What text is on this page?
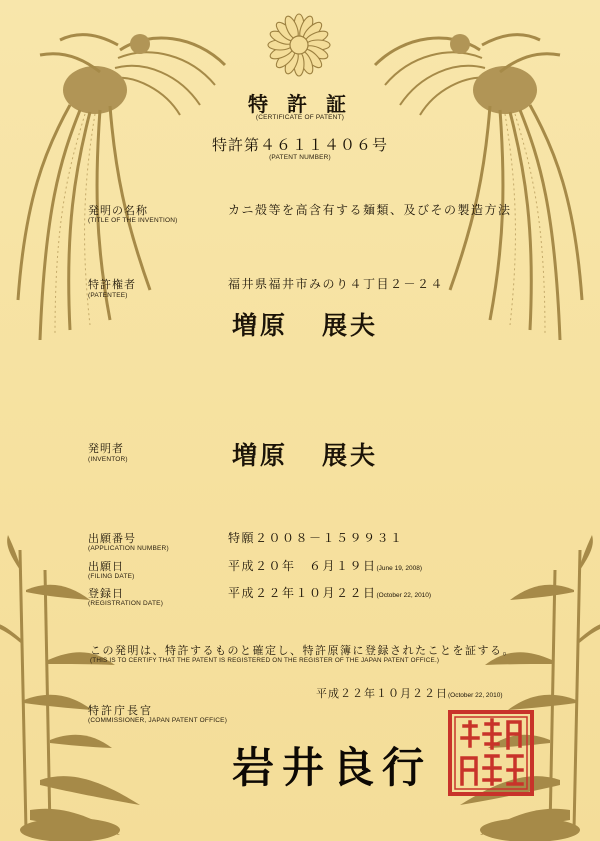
特 許 証
(CERTIFICATE OF PATENT)
特許第４６１１４０６号
(PATENT NUMBER)
発明の名称
(TITLE OF THE INVENTION)
カニ殻等を高含有する麺類、及びその製造方法
特許権者
(PATENTEE)
福井県福井市みのり４丁目２－２４
増原 展夫
発明者
(INVENTOR)	増原 展夫
出願番号
(APPLICATION NUMBER)
特願２００８－１５９９３１
出願日
(FILING DATE)
平成２０年　６月１９日(June 19, 2008)
登録日
(REGISTRATION DATE)
平成２２年１０月２２日(October 22, 2010)
この発明は、特許するものと確定し、特許原簿に登録されたことを証する。
(THIS IS TO CERTIFY THAT THE PATENT IS REGISTERED ON THE REGISTER OF THE JAPAN PATENT OFFICE.)
平成２２年１０月２２日(October 22, 2010)
特許庁長官
(COMMISSIONER, JAPAN PATENT OFFICE)
岩井良行
